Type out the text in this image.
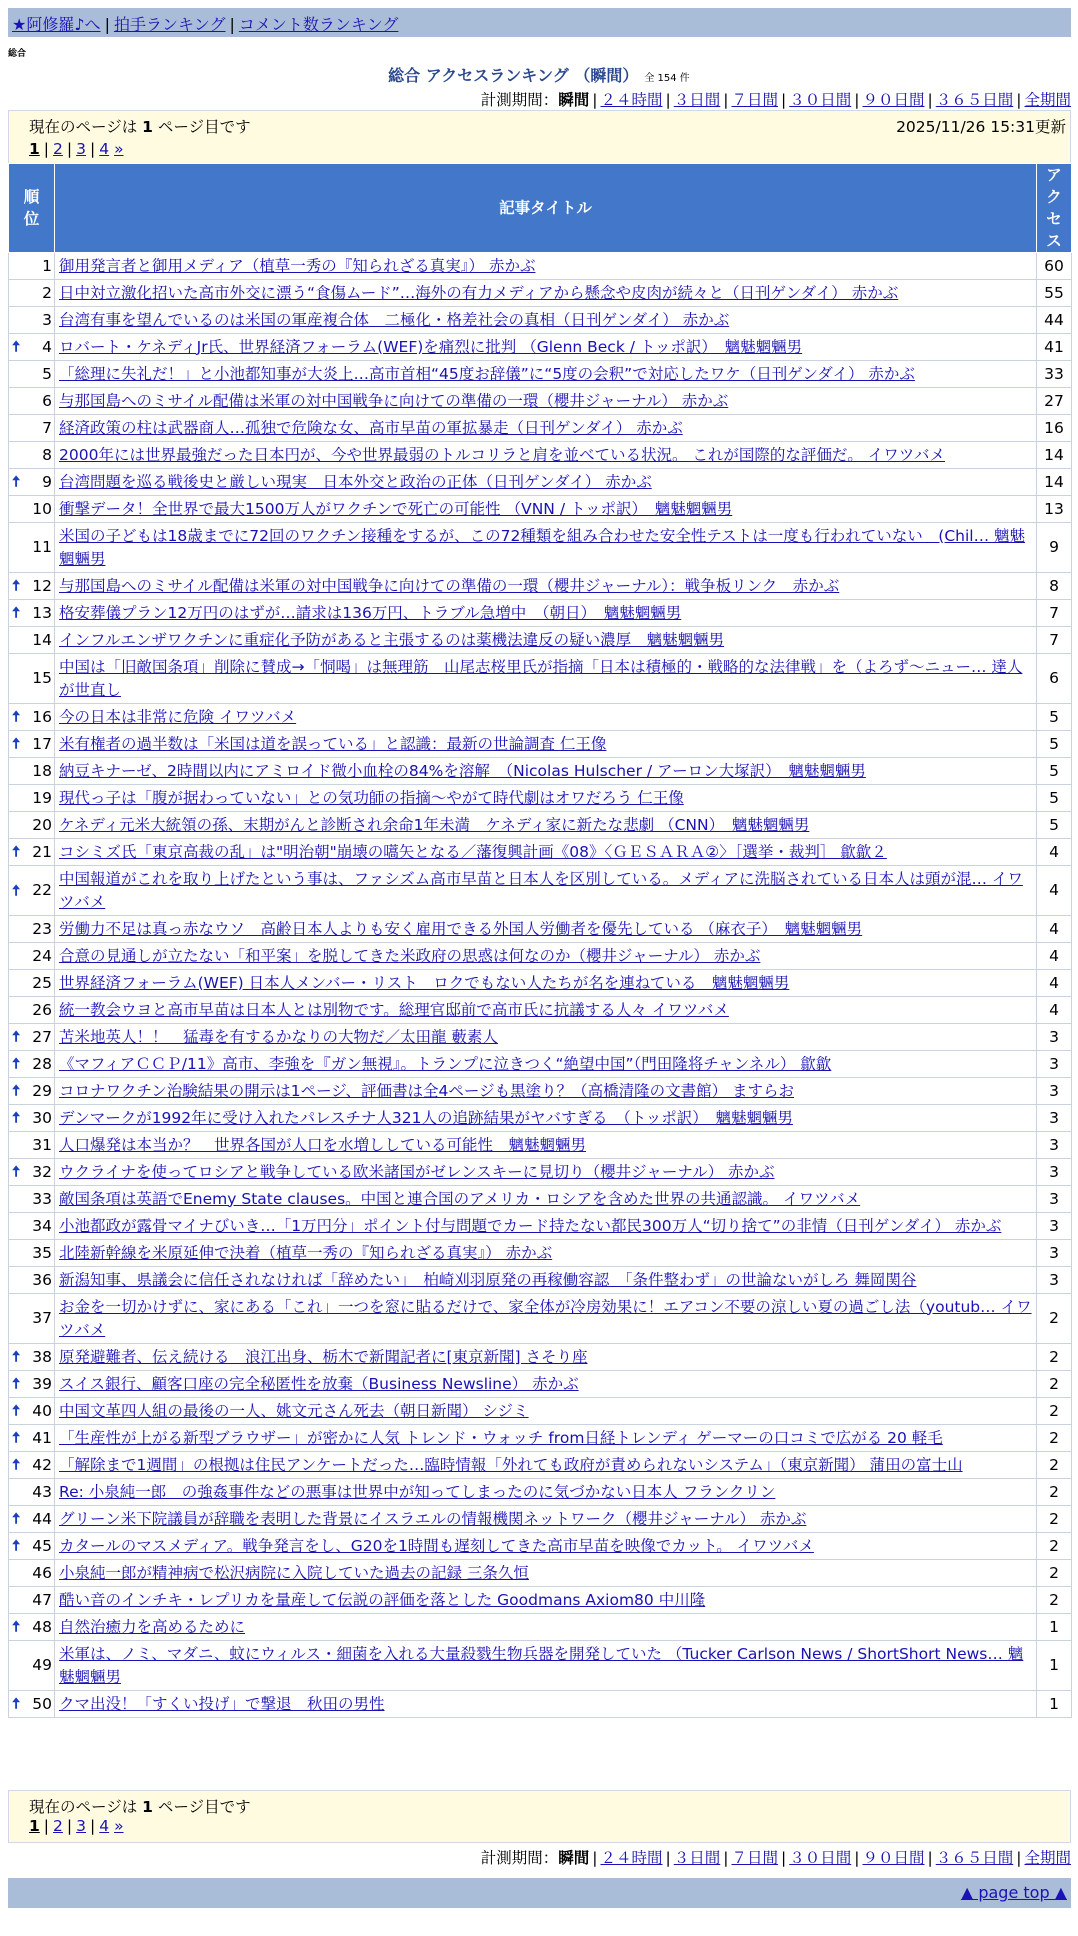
★阿修羅♪へ | 拍手ランキング | コメント数ランキング
総合
総合 アクセスランキング （瞬間） 全 154 件
計測期間：瞬間 | ２４時間 | ３日間 | ７日間 | ３０日間 | ９０日間 | ３６５日間 | 全期間
現在のページは 1 ページ目です	2025/11/26 15:31更新
1 | 2 | 3 | 4 »
順位	記事タイトル	アクセス
1	御用発言者と御用メディア（植草一秀の『知られざる真実』） 赤かぶ	60
2	日中対立激化招いた高市外交に漂う“食傷ムード”…海外の有力メディアから懸念や皮肉が続々と（日刊ゲンダイ） 赤かぶ	55
3	台湾有事を望んでいるのは米国の軍産複合体　二極化・格差社会の真相（日刊ゲンダイ） 赤かぶ	44

🠅 4	ロバート・ケネディJr氏、世界経済フォーラム(WEF)を痛烈に批判 （Glenn Beck / トッポ訳）　魑魅魍魎男	41
5	「総理に失礼だ！」と小池都知事が大炎上…高市首相“45度お辞儀”に“5度の会釈”で対応したワケ（日刊ゲンダイ） 赤かぶ	33
6	与那国島へのミサイル配備は米軍の対中国戦争に向けての準備の一環（櫻井ジャーナル） 赤かぶ	27
7	経済政策の柱は武器商人…孤独で危険な女、高市早苗の軍拡暴走（日刊ゲンダイ） 赤かぶ	16
8	2000年には世界最強だった日本円が、今や世界最弱のトルコリラと肩を並べている状況。 これが国際的な評価だ。 イワツバメ	14

🠅 9	台湾問題を巡る戦後史と厳しい現実　日本外交と政治の正体（日刊ゲンダイ） 赤かぶ	14
10	衝撃データ！全世界で最大1500万人がワクチンで死亡の可能性 （VNN / トッポ訳）　魑魅魍魎男	13
11	米国の子どもは18歳までに72回のワクチン接種をするが、この72種類を組み合わせた安全性テストは一度も行われていない　(Chil… 魑魅魍魎男	9

🠅 12	与那国島へのミサイル配備は米軍の対中国戦争に向けての準備の一環（櫻井ジャーナル）：戦争板リンク　赤かぶ	8

🠅 13	格安葬儀プラン12万円のはずが…請求は136万円、トラブル急増中　（朝日）　魑魅魍魎男	7
14	インフルエンザワクチンに重症化予防があると主張するのは薬機法違反の疑い濃厚　魑魅魍魎男	7
15	中国は「旧敵国条項」削除に賛成→「恫喝」は無理筋　山尾志桜里氏が指摘「日本は積極的・戦略的な法律戦」を（よろず〜ニュー… 達人が世直し	6

🠅 16	今の日本は非常に危険 イワツバメ	5

🠅 17	米有権者の過半数は「米国は道を誤っている」と認識：最新の世論調査 仁王像	5
18	納豆キナーゼ、2時間以内にアミロイド微小血栓の84%を溶解　（Nicolas Hulscher / アーロン大塚訳）　魑魅魍魎男	5
19	現代っ子は「腹が据わっていない」との気功師の指摘〜やがて時代劇はオワだろう 仁王像	5
20	ケネディ元米大統領の孫、末期がんと診断され余命1年未満　ケネディ家に新たな悲劇 （CNN）　魑魅魍魎男	5

🠅 21	コシミズ氏「東京高裁の乱」は"明治朝"崩壊の嚆矢となる／藩復興計画《08》〈ＧＥＳＡＲＡ②〉［選挙・裁判］ 歙歙２	4

🠅 22	中国報道がこれを取り上げたという事は、ファシズム高市早苗と日本人を区別している。メディアに洗脳されている日本人は頭が混… イワツバメ	4
23	労働力不足は真っ赤なウソ　高齢日本人よりも安く雇用できる外国人労働者を優先している （麻衣子）　魑魅魍魎男	4
24	合意の見通しが立たない「和平案」を脱してきた米政府の思惑は何なのか（櫻井ジャーナル） 赤かぶ	4
25	世界経済フォーラム(WEF) 日本人メンバー・リスト　ロクでもない人たちが名を連ねている　魑魅魍魎男	4
26	統一教会ウヨと高市早苗は日本人とは別物です。総理官邸前で高市氏に抗議する人々 イワツバメ	4

🠅 27	苫米地英人！！　猛毒を有するかなりの大物だ／太田龍 藪素人	3

🠅 28	《マフィアＣＣＰ/11》高市、李強を『ガン無視』。トランプに泣きつく“絶望中国”（門田隆将チャンネル） 歙歙	3

🠅 29	コロナワクチン治験結果の開示は1ページ、評価書は全4ページも黒塗り？（高橋清隆の文書館） ますらお	3

🠅 30	デンマークが1992年に受け入れたパレスチナ人321人の追跡結果がヤバすぎる　（トッポ訳）　魑魅魍魎男	3
31	人口爆発は本当か？　世界各国が人口を水増ししている可能性　魑魅魍魎男	3

🠅 32	ウクライナを使ってロシアと戦争している欧米諸国がゼレンスキーに見切り（櫻井ジャーナル） 赤かぶ	3
33	敵国条項は英語でEnemy State clauses。中国と連合国のアメリカ・ロシアを含めた世界の共通認識。 イワツバメ	3
34	小池都政が露骨マイナびいき…「1万円分」ポイント付与問題でカード持たない都民300万人“切り捨て”の非情（日刊ゲンダイ） 赤かぶ	3
35	北陸新幹線を米原延伸で決着（植草一秀の『知られざる真実』） 赤かぶ	3
36	新潟知事、県議会に信任されなければ「辞めたい」　柏崎刈羽原発の再稼働容認　「条件整わず」の世論ないがしろ 舞岡関谷	3
37	お金を一切かけずに、家にある「これ」一つを窓に貼るだけで、家全体が冷房効果に！エアコン不要の涼しい夏の過ごし法（youtub… イワツバメ	2

🠅 38	原発避難者、伝え続ける　浪江出身、栃木で新聞記者に[東京新聞] さそり座	2

🠅 39	スイス銀行、顧客口座の完全秘匿性を放棄（Business Newsline） 赤かぶ	2

🠅 40	中国文革四人組の最後の一人、姚文元さん死去（朝日新聞） シジミ	2

🠅 41	「生産性が上がる新型ブラウザー」が密かに人気 トレンド・ウォッチ from日経トレンディ ゲーマーの口コミで広がる 20 軽毛	2

🠅 42	「解除まで1週間」の根拠は住民アンケートだった…臨時情報「外れても政府が責められないシステム」（東京新聞） 蒲田の富士山	2
43	Re: 小泉純一郎　の強姦事件などの悪事は世界中が知ってしまったのに気づかない日本人 フランクリン	2

🠅 44	グリーン米下院議員が辞職を表明した背景にイスラエルの情報機関ネットワーク（櫻井ジャーナル） 赤かぶ	2

🠅 45	カタールのマスメディア。戦争発言をし、G20を1時間も遅刻してきた高市早苗を映像でカット。 イワツバメ	2
46	小泉純一郎が精神病で松沢病院に入院していた過去の記録 三条久恒	2
47	酷い音のインチキ・レプリカを量産して伝説の評価を落とした Goodmans Axiom80 中川隆	2

🠅 48	自然治癒力を高めるために	1
49	米軍は、ノミ、マダニ、蚊にウィルス・細菌を入れる大量殺戮生物兵器を開発していた （Tucker Carlson News / ShortShort News… 魑魅魍魎男	1

🠅 50	クマ出没！「すくい投げ」で撃退　秋田の男性	1
現在のページは 1 ページ目です
1 | 2 | 3 | 4 »
計測期間：瞬間 | ２４時間 | ３日間 | ７日間 | ３０日間 | ９０日間 | ３６５日間 | 全期間
▲ page top ▲
